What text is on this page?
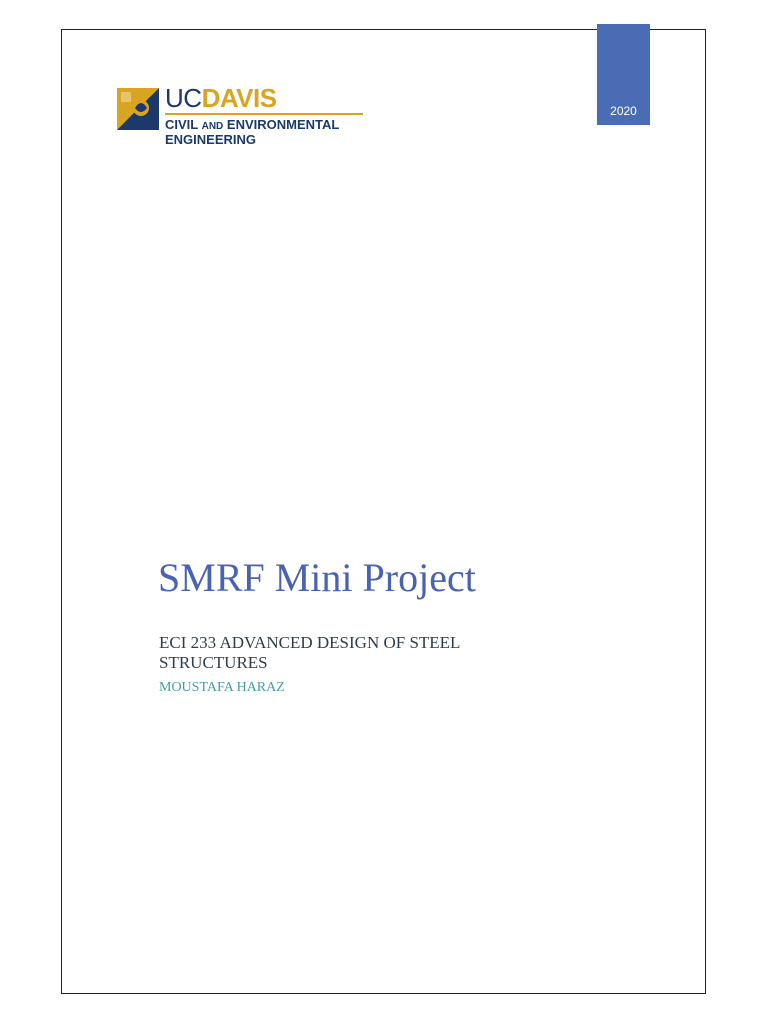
2020
UCDAVIS
CIVIL AND ENVIRONMENTAL
ENGINEERING
SMRF Mini Project
ECI 233 ADVANCED DESIGN OF STEEL STRUCTURES
MOUSTAFA HARAZ
